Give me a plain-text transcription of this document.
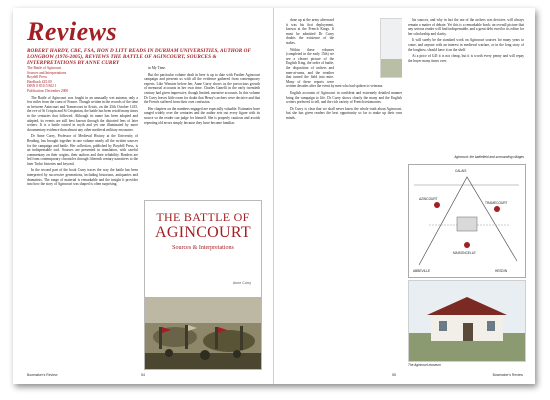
Reviews
ROBERT HARDY, CBE, FSA, HON D LITT READS IN DURHAM UNIVERSITIES, AUTHOR OF LONGBOW (1976-2005), REVIEWS THE BATTLE OF AGINCOURT, SOURCES & INTERPRETATIONS BY ANNE CURRY

The Battle of Agincourt

Sources and Interpretations

Boydell Press

Hardback £45.00

ISBN 0 85115 802 1

Publication: December 2000

The Battle of Agincourt was fought in an unusually wet autumn, only a few miles from the coast of France. Though written in the records of the time as between Azincourt and Tramecourt in Artois, on the 25th October 1415, the eve of St Crispin and St Crispinian, the battle has been retold many times in the centuries that followed. Although its name has been adopted and adapted, its events are still best known through the distorted lens of later writers. It is a battle rooted in myth and yet one illuminated by more documentary evidence than almost any other medieval military encounter.

Dr Anne Curry, Professor of Medieval History at the University of Reading, has brought together in one volume nearly all the written sources for the campaign and battle. Her collection, published by Boydell Press, is an indispensable tool. Sources are presented in translation, with careful commentary on their origins, their authors and their reliability. Readers are led from contemporary chronicles through fifteenth century narratives to the later Tudor histories and beyond.

In the second part of the book Curry traces the way the battle has been interpreted by successive generations, including historians, antiquaries and dramatists. The range of material is remarkable and the insight it provides into how the story of Agincourt was shaped is often surprising.

in My Time.

But the particular volume dealt in here is up to date with Further Agincourt campaign and presents us with all the evidence gathered from contemporary experts. Like Winston before her, Anne Curry shows us the precocious growth of memorial accounts in her own time. Charles Ganelli in the early twentieth century had given impressive, though limited, narrative accounts. In this volume Dr Curry leaves little room for doubt that Henry's archers were decisive and that the French suffered from their own confusion.

Her chapters on the numbers engaged are especially valuable. Estimates have ranged widely over the centuries and the author sets out every figure with its source so the reader can judge for himself. She is properly cautious and avoids repeating old errors simply because they have become familiar.

THE BATTLE OF
AGINCOURT
Sources & Interpretations
Anne Curry
54
Bowmaker's Review

done up at the army afterward it was his first deployment, known at the French Kings. It must be admitted Dr Curry doubts the existence of the stakes.

Within these volumes (completed in the early 15th) we see a clearer picture of the English King, the order of battle, the disposition of archers and men-at-arms, and the weather that turned the field into mire. Many of these reports were written decades after the event by men who had spoken to veterans.

English accounts of Agincourt in confident and extremely detailed manner bring the campaign to life. Dr Curry shows clearly the many and the English writers preferred to tell, and the rich variety of French testimonies.

Dr Curry is clear that we shall never know the whole truth about Agincourt, but she has given readers the best opportunity so far to make up their own minds.

his sources, and why in fact the use of the archers was decisive, will always remain a matter of debate. Yet this is a remarkable book: an overall picture that any serious reader will find indispensable, and a great debt owed to its editor for her scholarship and clarity.

It will surely be the standard work on Agincourt sources for many years to come, and anyone with an interest in medieval warfare, or in the long story of the longbow, should have it on the shelf.

At a price of £45 it is not cheap, but it is worth every penny and will repay the buyer many times over.

Agincourt: the battlefield and surrounding villages
AZINCOURT
TRAMECOURT
MAISONCELLE
ABBEVILLE
CALAIS
HESDIN
The Agincourt museum
55	Bowmaker's Review
